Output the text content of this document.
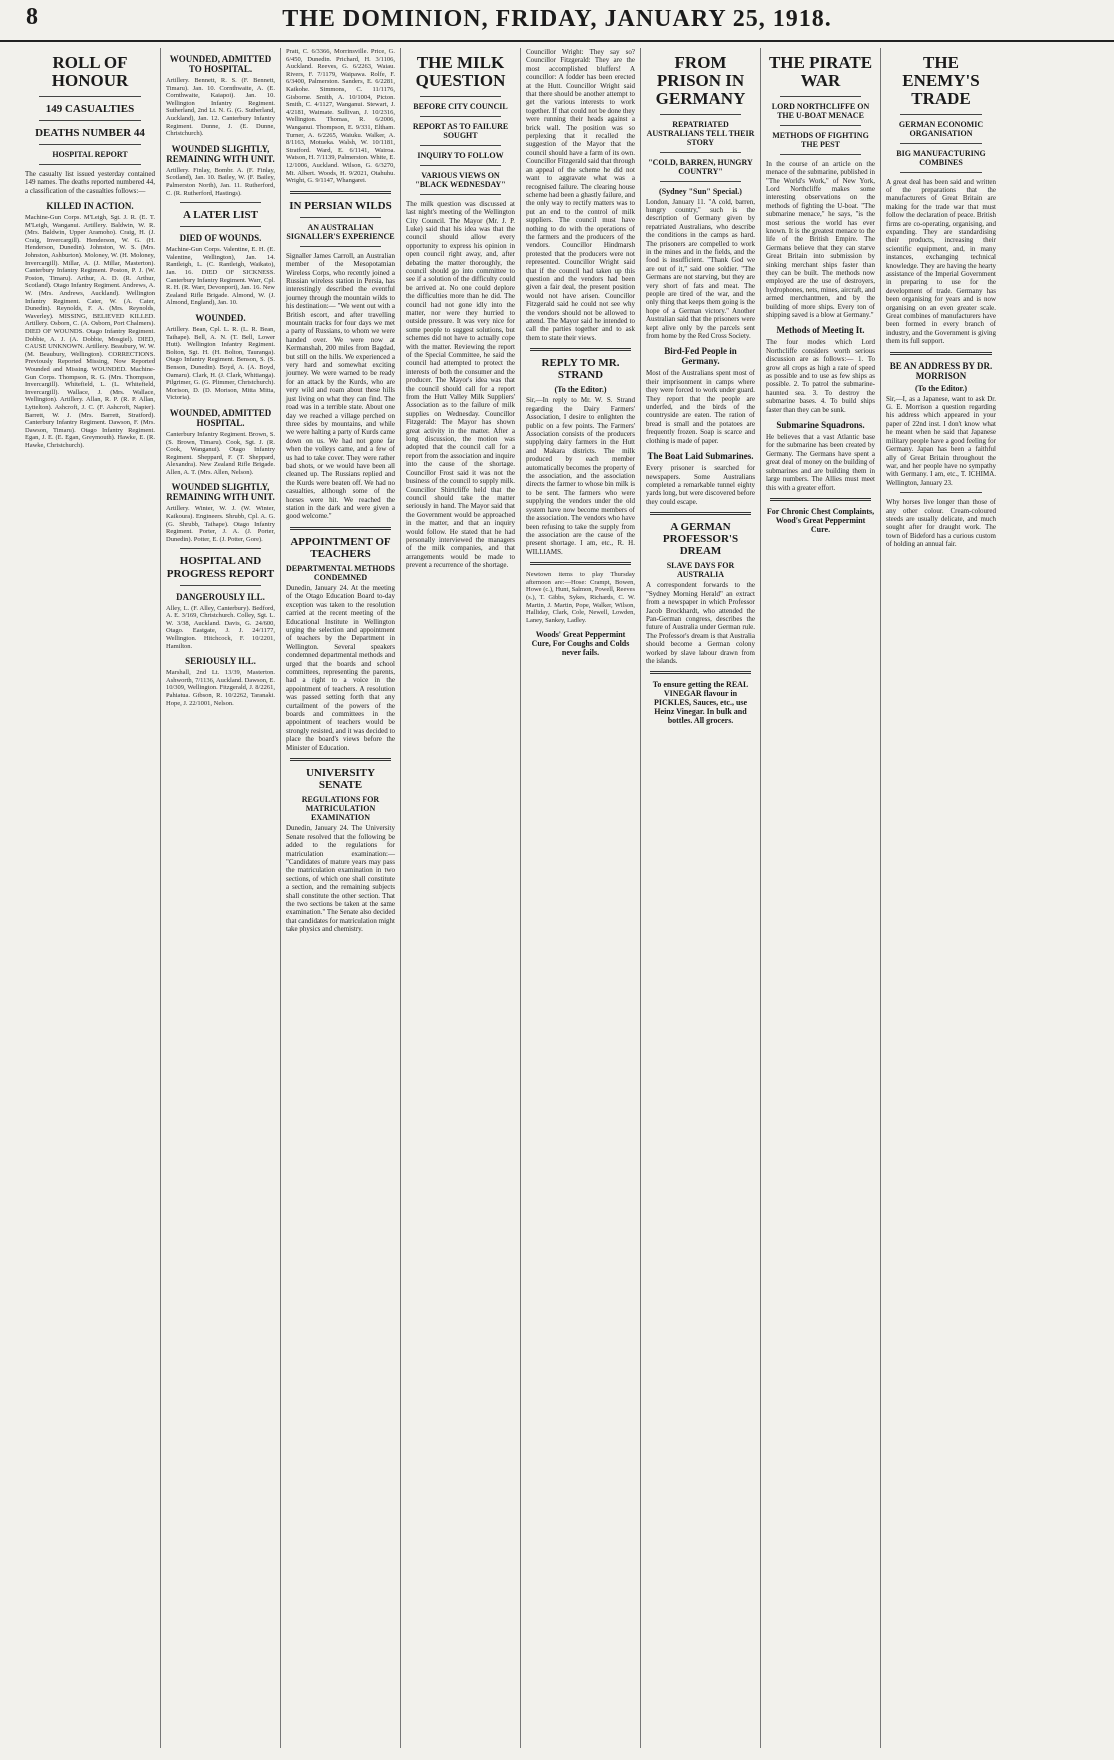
8	THE DOMINION, FRIDAY, JANUARY 25, 1918.
ROLL OF HONOUR
149 CASUALTIES
DEATHS NUMBER 44
HOSPITAL REPORT

The casualty list issued yesterday contained 149 names. The deaths reported numbered 44, a classification of the casualties follows:—

KILLED IN ACTION.

Machine-Gun Corps. M'Leigh, Sgt. J. R. (E. T. M'Leigh, Wanganui. Artillery. Baldwin, W. R. (Mrs. Baldwin, Upper Aramoho). Craig, H. (J. Craig, Invercargill). Henderson, W. G. (H. Henderson, Dunedin). Johnston, W. S. (Mrs. Johnston, Ashburton). Moloney, W. (H. Moloney, Invercargill). Millar, A. (J. Millar, Masterton). Canterbury Infantry Regiment. Poston, P. J. (W. Poston, Timaru). Arthur, A. D. (R. Arthur, Scotland). Otago Infantry Regiment. Andrews, A. W. (Mrs. Andrews, Auckland). Wellington Infantry Regiment. Cater, W. (A. Cater, Dunedin). Reynolds, F. A. (Mrs. Reynolds, Waverley). MISSING, BELIEVED KILLED. Artillery. Osborn, C. (A. Osborn, Port Chalmers). DIED OF WOUNDS. Otago Infantry Regiment. Dobbie, A. J. (A. Dobbie, Mosgiel). DIED, CAUSE UNKNOWN. Artillery. Beaubury, W. W. (M. Beaubury, Wellington). CORRECTIONS. Previously Reported Missing, Now Reported Wounded and Missing. WOUNDED. Machine-Gun Corps. Thompson, R. G. (Mrs. Thompson, Invercargill). Whitefield, L. (L. Whitefield, Invercargill). Wallace, J. (Mrs. Wallace, Wellington). Artillery. Allan, R. P. (R. P. Allan, Lyttelton). Ashcroft, J. C. (F. Ashcroft, Napier). Barrett, W. J. (Mrs. Barrett, Stratford). Canterbury Infantry Regiment. Dawson, F. (Mrs. Dawson, Timaru). Otago Infantry Regiment. Egan, J. E. (E. Egan, Greymouth). Hawke, E. (R. Hawke, Christchurch).

WOUNDED, ADMITTED TO HOSPITAL.

Artillery. Bennett, R. S. (F. Bennett, Timaru). Jan. 10. Cornthwaite, A. (E. Cornthwaite, Kaiapoi). Jan. 10. Wellington Infantry Regiment. Sutherland, 2nd Lt. N. G. (G. Sutherland, Auckland), Jan. 12. Canterbury Infantry Regiment. Dunne, J. (E. Dunne, Christchurch).

WOUNDED SLIGHTLY, REMAINING WITH UNIT.

Artillery. Finlay, Bombr. A. (F. Finlay, Scotland), Jan. 10. Bailey, W. (F. Bailey, Palmerston North), Jan. 11. Rutherford, C. (R. Rutherford, Hastings).

A LATER LIST
DIED OF WOUNDS.

Machine-Gun Corps. Valentine, E. H. (E. Valentine, Wellington), Jan. 14. Rantleigh, L. (C. Rantleigh, Waikato), Jan. 16. DIED OF SICKNESS. Canterbury Infantry Regiment. Warr, Cpl. R. H. (R. Warr, Devonport), Jan. 16. New Zealand Rifle Brigade. Almond, W. (J. Almond, England), Jan. 10.

WOUNDED.

Artillery. Bean, Cpl. L. R. (L. R. Bean, Taihape). Bell, A. N. (T. Bell, Lower Hutt). Wellington Infantry Regiment. Bolton, Sgt. H. (H. Bolton, Tauranga). Otago Infantry Regiment. Benson, S. (S. Benson, Dunedin). Boyd, A. (A. Boyd, Oamaru). Clark, H. (J. Clark, Whitianga). Pilgrimer, G. (G. Plimmer, Christchurch). Morison, D. (D. Morison, Mitta Mitta, Victoria).

WOUNDED, ADMITTED HOSPITAL.

Canterbury Infantry Regiment. Brown, S. (S. Brown, Timaru). Cook, Sgt. J. (R. Cook, Wanganui). Otago Infantry Regiment. Sheppard, F. (T. Sheppard, Alexandra). New Zealand Rifle Brigade. Allen, A. T. (Mrs. Allen, Nelson).

WOUNDED SLIGHTLY, REMAINING WITH UNIT.

Artillery. Winter, W. J. (W. Winter, Kaikoura). Engineers. Shrubb, Cpl. A. G. (G. Shrubb, Taihape). Otago Infantry Regiment. Porter, J. A. (J. Porter, Dunedin). Potter, E. (J. Potter, Gore).

HOSPITAL AND PROGRESS REPORT
DANGEROUSLY ILL.

Alley, L. (F. Alley, Canterbury). Bedford, A. E. 3/169, Christchurch. Colley, Sgt. L. W. 3/38, Auckland. Davis, G. 24/600, Otago. Eastgate, J. J. 24/1177, Wellington. Hitchcock, F. 10/2201, Hamilton.

SERIOUSLY ILL.

Marshall, 2nd Lt. 13/39, Masterton. Ashworth, 7/1136, Auckland. Dawson, E. 10/309, Wellington. Fitzgerald, J. 8/2261, Pahiatua. Gibson, R. 10/2262, Taranaki. Hope, J. 22/1001, Nelson.

Pratt, C. 6/3366, Morrinsville. Price, G. 6/450, Dunedin. Prichard, H. 3/1106, Auckland. Reeves, G. 6/2263, Waiau. Rivers, F. 7/1179, Waipawa. Rolfe, F. 6/3400, Palmerston. Sanders, E. 6/2281, Kaikohe. Simmons, C. 11/1176, Gisborne. Smith, A. 10/1004, Picton. Smith, C. 4/1127, Wanganui. Stewart, J. 4/2181, Waimate. Sullivan, J. 10/2316, Wellington. Thomas, R. 6/2006, Wanganui. Thompson, E. 9/331, Eltham. Turner, A. 6/2265, Waiuku. Walker, A. 8/1163, Motueka. Walsh, W. 10/1181, Stratford. Ward, E. 6/1141, Wairoa. Watson, H. 7/1139, Palmerston. White, E. 12/1006, Auckland. Wilson, G. 6/3270, Mt. Albert. Woods, H. 9/2021, Otahuhu. Wright, G. 9/1147, Whangarei.

IN PERSIAN WILDS
AN AUSTRALIAN SIGNALLER'S EXPERIENCE

Signaller James Carroll, an Australian member of the Mesopotamian Wireless Corps, who recently joined a Russian wireless station in Persia, has interestingly described the eventful journey through the mountain wilds to his destination:— "We went out with a British escort, and after travelling mountain tracks for four days we met a party of Russians, to whom we were handed over. We were now at Kermanshah, 200 miles from Bagdad, but still on the hills. We experienced a very hard and somewhat exciting journey. We were warned to be ready for an attack by the Kurds, who are very wild and roam about these hills just living on what they can find. The road was in a terrible state. About one day we reached a village perched on three sides by mountains, and while we were halting a party of Kurds came down on us. We had not gone far when the volleys came, and a few of us had to take cover. They were rather bad shots, or we would have been all cleaned up. The Russians replied and the Kurds were beaten off. We had no casualties, although some of the horses were hit. We reached the station in the dark and were given a good welcome."

APPOINTMENT OF TEACHERS
DEPARTMENTAL METHODS CONDEMNED

Dunedin, January 24. At the meeting of the Otago Education Board to-day exception was taken to the resolution carried at the recent meeting of the Educational Institute in Wellington urging the selection and appointment of teachers by the Department in Wellington. Several speakers condemned departmental methods and urged that the boards and school committees, representing the parents, had a right to a voice in the appointment of teachers. A resolution was passed setting forth that any curtailment of the powers of the boards and committees in the appointment of teachers would be strongly resisted, and it was decided to place the board's views before the Minister of Education.

UNIVERSITY SENATE
REGULATIONS FOR MATRICULATION EXAMINATION

Dunedin, January 24. The University Senate resolved that the following be added to the regulations for matriculation examination:— "Candidates of mature years may pass the matriculation examination in two sections, of which one shall constitute a section, and the remaining subjects shall constitute the other section. That the two sections be taken at the same examination." The Senate also decided that candidates for matriculation might take physics and chemistry.

THE MILK QUESTION
BEFORE CITY COUNCIL
REPORT AS TO FAILURE SOUGHT
INQUIRY TO FOLLOW
VARIOUS VIEWS ON "BLACK WEDNESDAY"

The milk question was discussed at last night's meeting of the Wellington City Council. The Mayor (Mr. J. P. Luke) said that his idea was that the council should allow every opportunity to express his opinion in open council right away, and, after debating the matter thoroughly, the council should go into committee to see if a solution of the difficulty could be arrived at. No one could deplore the difficulties more than he did. The council had not gone idly into the matter, nor were they hurried to outside pressure. It was very nice for some people to suggest solutions, but schemes did not have to actually cope with the matter. Reviewing the report of the Special Committee, he said the council had attempted to protect the interests of both the consumer and the producer. The Mayor's idea was that the council should call for a report from the Hutt Valley Milk Suppliers' Association as to the failure of milk supplies on Wednesday. Councillor Fitzgerald: The Mayor has shown great activity in the matter. After a long discussion, the motion was adopted that the council call for a report from the association and inquire into the cause of the shortage. Councillor Frost said it was not the business of the council to supply milk. Councillor Shirtcliffe held that the council should take the matter seriously in hand. The Mayor said that the Government would be approached in the matter, and that an inquiry would follow. He stated that he had personally interviewed the managers of the milk companies, and that arrangements would be made to prevent a recurrence of the shortage.

Councillor Wright: They say so? Councillor Fitzgerald: They are the most accomplished bluffers! A councillor: A fodder has been erected at the Hutt. Councillor Wright said that there should be another attempt to get the various interests to work together. If that could not be done they were running their heads against a brick wall. The position was so perplexing that it recalled the suggestion of the Mayor that the council should have a farm of its own. Councillor Fitzgerald said that through an appeal of the scheme he did not want to aggravate what was a recognised failure. The clearing house scheme had been a ghastly failure, and the only way to rectify matters was to put an end to the control of milk suppliers. The council must have nothing to do with the operations of the farmers and the producers of the vendors. Councillor Hindmarsh protested that the producers were not represented. Councillor Wright said that if the council had taken up this question and the vendors had been given a fair deal, the present position would not have arisen. Councillor Fitzgerald said he could not see why the vendors should not be allowed to attend. The Mayor said he intended to call the parties together and to ask them to state their views.

REPLY TO MR. STRAND
(To the Editor.)

Sir,—In reply to Mr. W. S. Strand regarding the Dairy Farmers' Association, I desire to enlighten the public on a few points. The Farmers' Association consists of the producers supplying dairy farmers in the Hutt and Makara districts. The milk produced by each member automatically becomes the property of the association, and the association directs the farmer to whose bin milk is to be sent. The farmers who were supplying the vendors under the old system have now become members of the association. The vendors who have been refusing to take the supply from the association are the cause of the present shortage. I am, etc., R. H. WILLIAMS.

Newtown items to play Thursday afternoon are:—Hose: Crampt, Bowen, Howe (c.), Hunt, Salmon, Powell, Reeves (s.), T. Gibbs, Sykes, Richards, C. W. Martin, J. Martin, Pope, Walker, Wilson, Halliday, Clark, Cole, Newell, Lowden, Laney, Sankey, Ladley.

Woods' Great Peppermint Cure, For Coughs and Colds never fails.
FROM PRISON IN GERMANY
REPATRIATED AUSTRALIANS TELL THEIR STORY
"COLD, BARREN, HUNGRY COUNTRY"
(Sydney "Sun" Special.)

London, January 11. "A cold, barren, hungry country," such is the description of Germany given by repatriated Australians, who describe the conditions in the camps as hard. The prisoners are compelled to work in the mines and in the fields, and the food is insufficient. "Thank God we are out of it," said one soldier. "The Germans are not starving, but they are very short of fats and meat. The people are tired of the war, and the only thing that keeps them going is the hope of a German victory." Another Australian said that the prisoners were kept alive only by the parcels sent from home by the Red Cross Society.

Bird-Fed People in Germany.

Most of the Australians spent most of their imprisonment in camps where they were forced to work under guard. They report that the people are underfed, and the birds of the countryside are eaten. The ration of bread is small and the potatoes are frequently frozen. Soap is scarce and clothing is made of paper.

The Boat Laid Submarines.

Every prisoner is searched for newspapers. Some Australians completed a remarkable tunnel eighty yards long, but were discovered before they could escape.

A GERMAN PROFESSOR'S DREAM
SLAVE DAYS FOR AUSTRALIA

A correspondent forwards to the "Sydney Morning Herald" an extract from a newspaper in which Professor Jacob Brockhardt, who attended the Pan-German congress, describes the future of Australia under German rule. The Professor's dream is that Australia should become a German colony worked by slave labour drawn from the islands.

To ensure getting the REAL VINEGAR flavour in PICKLES, Sauces, etc., use Heinz Vinegar. In bulk and bottles. All grocers.
THE PIRATE WAR
LORD NORTHCLIFFE ON THE U-BOAT MENACE
METHODS OF FIGHTING THE PEST

In the course of an article on the menace of the submarine, published in "The World's Work," of New York, Lord Northcliffe makes some interesting observations on the methods of fighting the U-boat. "The submarine menace," he says, "is the most serious the world has ever known. It is the greatest menace to the life of the British Empire. The Germans believe that they can starve Great Britain into submission by sinking merchant ships faster than they can be built. The methods now employed are the use of destroyers, hydrophones, nets, mines, aircraft, and armed merchantmen, and by the building of more ships. Every ton of shipping saved is a blow at Germany."

Methods of Meeting It.

The four modes which Lord Northcliffe considers worth serious discussion are as follows:— 1. To grow all crops as high a rate of speed as possible and to use as few ships as possible. 2. To patrol the submarine-haunted sea. 3. To destroy the submarine bases. 4. To build ships faster than they can be sunk.

Submarine Squadrons.

He believes that a vast Atlantic base for the submarine has been created by Germany. The Germans have spent a great deal of money on the building of submarines and are building them in large numbers. The Allies must meet this with a greater effort.

For Chronic Chest Complaints, Wood's Great Peppermint Cure.
THE ENEMY'S TRADE
GERMAN ECONOMIC ORGANISATION
BIG MANUFACTURING COMBINES

A great deal has been said and written of the preparations that the manufacturers of Great Britain are making for the trade war that must follow the declaration of peace. British firms are co-operating, organising, and expanding. They are standardising their products, increasing their scientific equipment, and, in many instances, exchanging technical knowledge. They are having the hearty assistance of the Imperial Government in preparing to use for the development of trade. Germany has been organising for years and is now organising on an even greater scale. Great combines of manufacturers have been formed in every branch of industry, and the Government is giving them its full support.

BE AN ADDRESS BY DR. MORRISON
(To the Editor.)

Sir,—I, as a Japanese, want to ask Dr. G. E. Morrison a question regarding his address which appeared in your paper of 22nd inst. I don't know what he meant when he said that Japanese military people have a good feeling for Germany. Japan has been a faithful ally of Great Britain throughout the war, and her people have no sympathy with Germany. I am, etc., T. ICHIMA. Wellington, January 23.

Why horses live longer than those of any other colour. Cream-coloured steeds are usually delicate, and much sought after for draught work. The town of Bideford has a curious custom of holding an annual fair.
